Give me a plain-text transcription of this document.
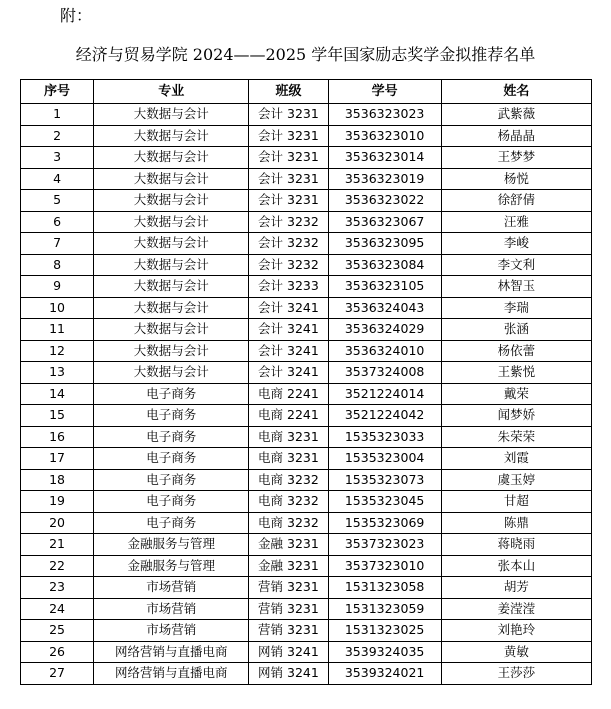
附：
经济与贸易学院 2024——2025 学年国家励志奖学金拟推荐名单
序号	专业	班级	学号	姓名
1	大数据与会计	会计 3231	3536323023	武紫薇
2	大数据与会计	会计 3231	3536323010	杨晶晶
3	大数据与会计	会计 3231	3536323014	王梦梦
4	大数据与会计	会计 3231	3536323019	杨悦
5	大数据与会计	会计 3231	3536323022	徐舒倩
6	大数据与会计	会计 3232	3536323067	汪雅
7	大数据与会计	会计 3232	3536323095	李峻
8	大数据与会计	会计 3232	3536323084	李文利
9	大数据与会计	会计 3233	3536323105	林智玉
10	大数据与会计	会计 3241	3536324043	李瑞
11	大数据与会计	会计 3241	3536324029	张涵
12	大数据与会计	会计 3241	3536324010	杨依蕾
13	大数据与会计	会计 3241	3537324008	王紫悦
14	电子商务	电商 2241	3521224014	戴荣
15	电子商务	电商 2241	3521224042	闻梦娇
16	电子商务	电商 3231	1535323033	朱荣荣
17	电子商务	电商 3231	1535323004	刘霞
18	电子商务	电商 3232	1535323073	虞玉婷
19	电子商务	电商 3232	1535323045	甘超
20	电子商务	电商 3232	1535323069	陈鼎
21	金融服务与管理	金融 3231	3537323023	蒋晓雨
22	金融服务与管理	金融 3231	3537323010	张本山
23	市场营销	营销 3231	1531323058	胡芳
24	市场营销	营销 3231	1531323059	姜滢滢
25	市场营销	营销 3231	1531323025	刘艳玲
26	网络营销与直播电商	网销 3241	3539324035	黄敏
27	网络营销与直播电商	网销 3241	3539324021	王莎莎
